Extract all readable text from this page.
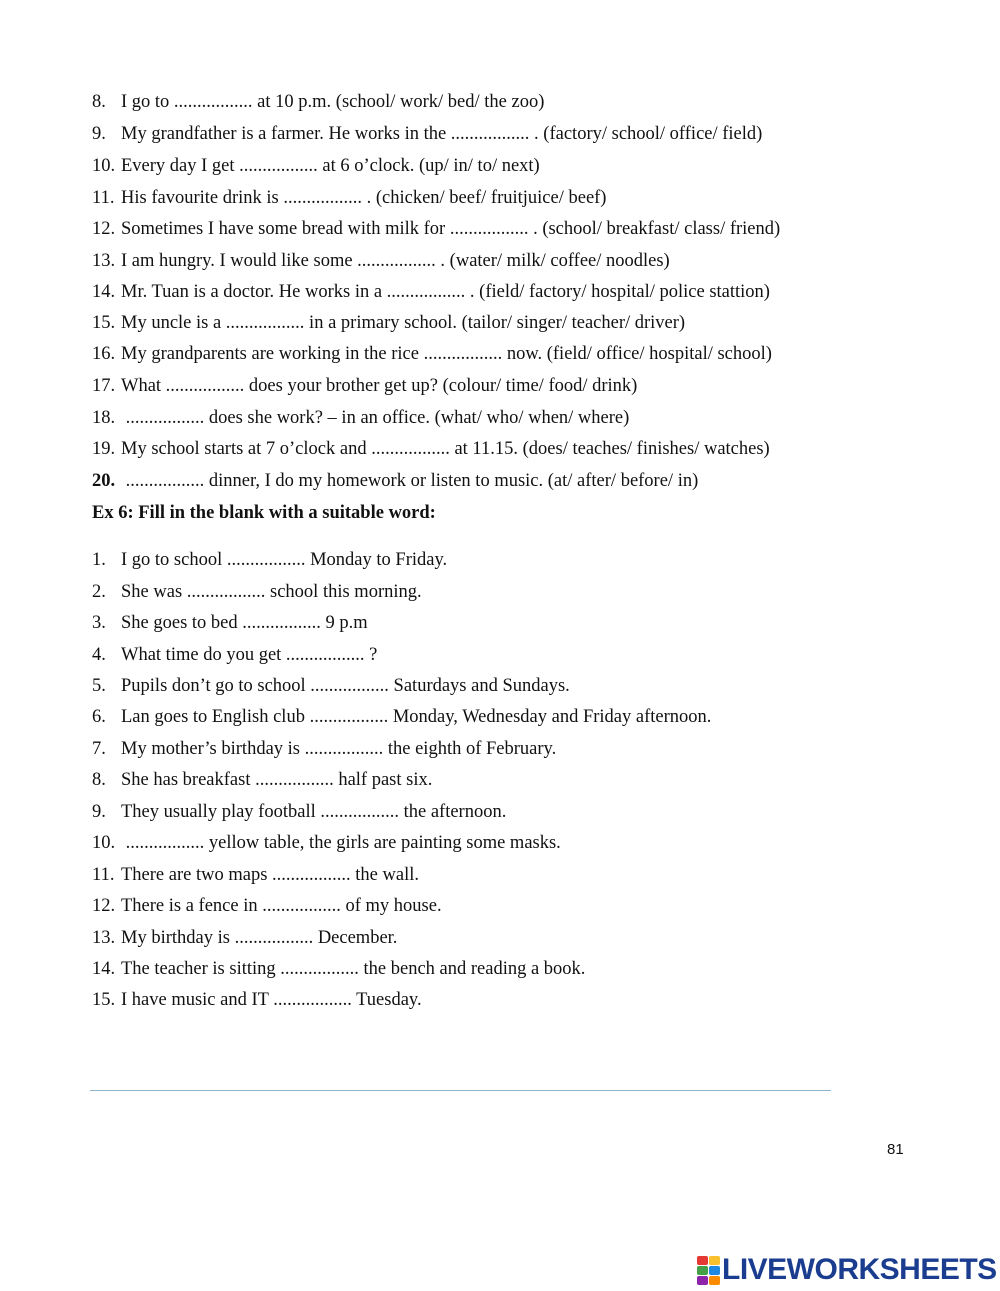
8. I go to ................. at 10 p.m. (school/ work/ bed/ the zoo)
9. My grandfather is a farmer. He works in the ................. . (factory/ school/ office/ field)
10. Every day I get ................. at 6 o’clock. (up/ in/ to/ next)
11. His favourite drink is ................. . (chicken/ beef/ fruitjuice/ beef)
12. Sometimes I have some bread with milk for ................. . (school/ breakfast/ class/ friend)
13. I am hungry. I would like some ................. . (water/ milk/ coffee/ noodles)
14. Mr. Tuan is a doctor. He works in a ................. . (field/ factory/ hospital/ police stattion)
15. My uncle is a ................. in a primary school. (tailor/ singer/ teacher/ driver)
16. My grandparents are working in the rice ................. now. (field/ office/ hospital/ school)
17. What ................. does your brother get up? (colour/ time/ food/ drink)
18. ................. does she work? – in an office. (what/ who/ when/ where)
19. My school starts at 7 o’clock and ................. at 11.15. (does/ teaches/ finishes/ watches)
20. ................. dinner, I do my homework or listen to music. (at/ after/ before/ in)
Ex 6: Fill in the blank with a suitable word:
1. I go to school ................. Monday to Friday.
2. She was ................. school this morning.
3. She goes to bed ................. 9 p.m
4. What time do you get ................. ?
5. Pupils don’t go to school ................. Saturdays and Sundays.
6. Lan goes to English club ................. Monday, Wednesday and Friday afternoon.
7. My mother’s birthday is ................. the eighth of February.
8. She has breakfast ................. half past six.
9. They usually play football ................. the afternoon.
10. ................. yellow table, the girls are painting some masks.
11. There are two maps ................. the wall.
12. There is a fence in ................. of my house.
13. My birthday is ................. December.
14. The teacher is sitting ................. the bench and reading a book.
15. I have music and IT ................. Tuesday.
81
LIVEWORKSHEETS
